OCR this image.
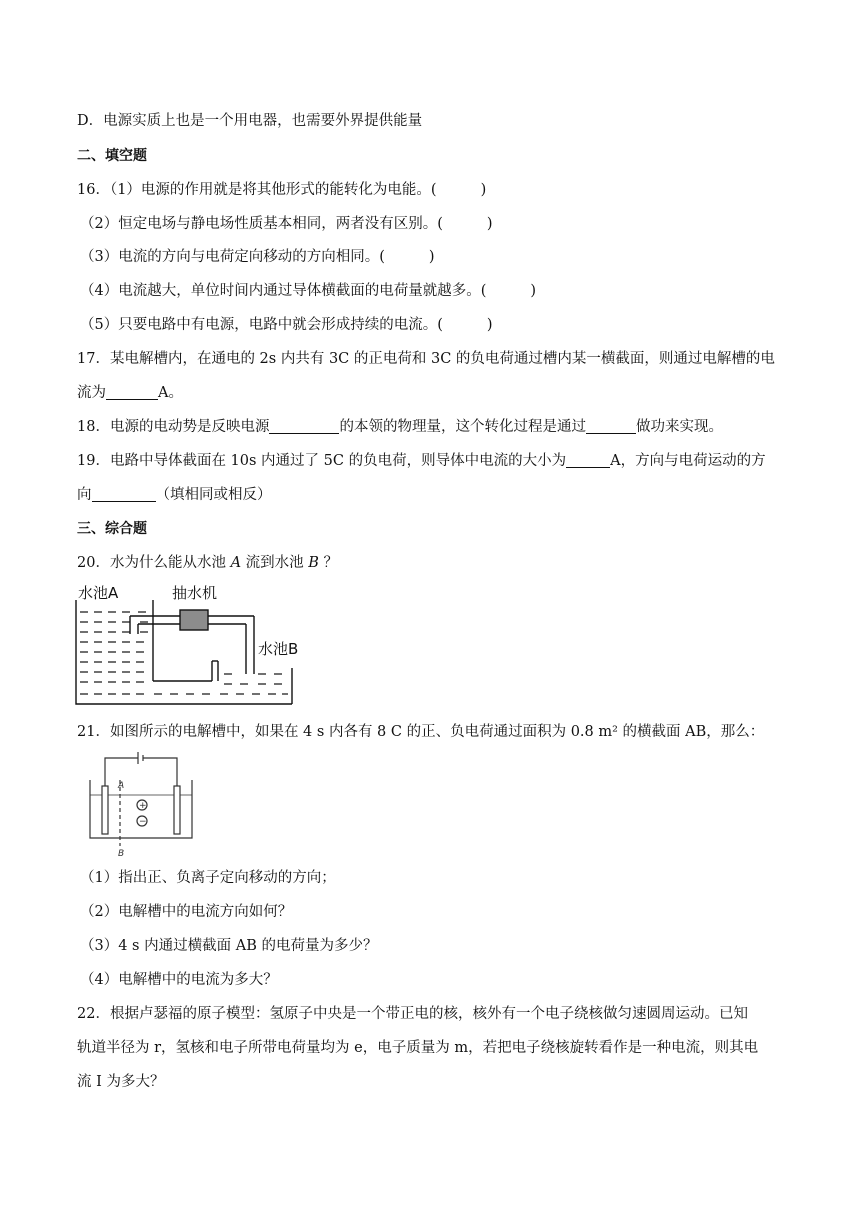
D．电源实质上也是一个用电器，也需要外界提供能量
二、填空题
16．（1）电源的作用就是将其他形式的能转化为电能。(	)
（2）恒定电场与静电场性质基本相同，两者没有区别。(	)
（3）电流的方向与电荷定向移动的方向相同。(	)
（4）电流越大，单位时间内通过导体横截面的电荷量就越多。(	)
（5）只要电路中有电源，电路中就会形成持续的电流。(	)
17．某电解槽内，在通电的 2s 内共有 3C 的正电荷和 3C 的负电荷通过槽内某一横截面，则通过电解槽的电
流为	A。
18．电源的电动势是反映电源	的本领的物理量，这个转化过程是通过	做功来实现。
19．电路中导体截面在 10s 内通过了 5C 的负电荷，则导体中电流的大小为	A，方向与电荷运动的方
向	（填相同或相反）
三、综合题
20．水为什么能从水池 A 流到水池 B ？
水池A	抽水机
水池B
21．如图所示的电解槽中，如果在 4 s 内各有 8 C 的正、负电荷通过面积为 0.8 m² 的横截面 AB，那么：
A
B
+
−
（1）指出正、负离子定向移动的方向；
（2）电解槽中的电流方向如何？
（3）4 s 内通过横截面 AB 的电荷量为多少？
（4）电解槽中的电流为多大？
22．根据卢瑟福的原子模型：氢原子中央是一个带正电的核，核外有一个电子绕核做匀速圆周运动。已知
轨道半径为 r，氢核和电子所带电荷量均为 e，电子质量为 m，若把电子绕核旋转看作是一种电流，则其电
流 I 为多大？
